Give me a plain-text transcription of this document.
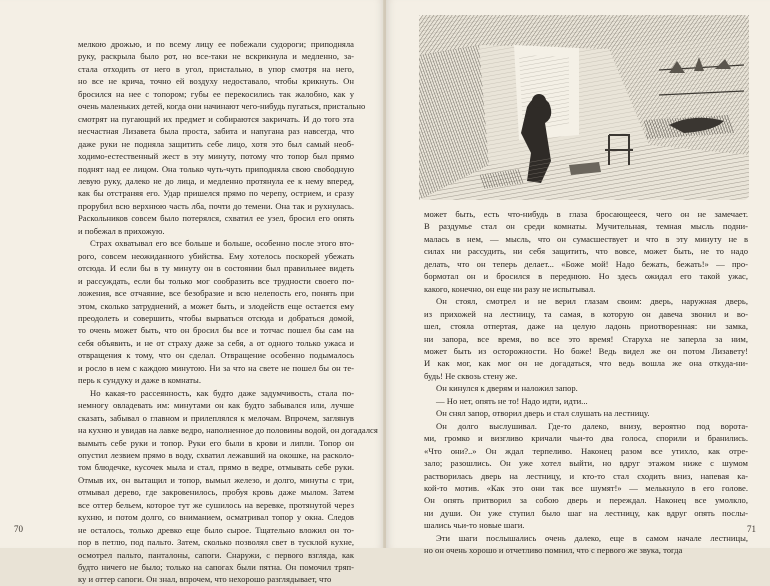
мелкою дрожью, и по всему лицу ее побежали судороги; приподняла
руку, раскрыла было рот, но все-таки не вскрикнула и медленно, за-
стала отходить от него в угол, пристально, в упор смотря на него,
но все не крича, точно ей воздуху недоставало, чтобы крикнуть. Он
бросился на нее с топором; губы ее перекосились так жалобно, как у
очень маленьких детей, когда они начинают чего-нибудь пугаться, пристально
смотрят на пугающий их предмет и собираются закричать. И до того эта
несчастная Лизавета была проста, забита и напугана раз навсегда, что
даже руки не подняла защитить себе лицо, хотя это был самый необ-
ходимо-естественный жест в эту минуту, потому что топор был прямо
поднят над ее лицом. Она только чуть-чуть приподняла свою свободную
левую руку, далеко не до лица, и медленно протянула ее к нему вперед,
как бы отстраняя его. Удар пришелся прямо по черепу, острием, и сразу
прорубил всю верхнюю часть лба, почти до темени. Она так и рухнулась.
Раскольников совсем было потерялся, схватил ее узел, бросил его опять
и побежал в прихожую.
Страх охватывал его все больше и больше, особенно после этого вто-
рого, совсем неожиданного убийства. Ему хотелось поскорей убежать
отсюда. И если бы в ту минуту он в состоянии был правильнее видеть
и рассуждать, если бы только мог сообразить все трудности своего по-
ложения, все отчаяние, все безобразие и всю нелепость его, понять при
этом, сколько затруднений, а может быть, и злодейств еще остается ему
преодолеть и совершить, чтобы вырваться отсюда и добраться домой,
то очень может быть, что он бросил бы все и тотчас пошел бы сам на
себя объявить, и не от страху даже за себя, а от одного только ужаса и
отвращения к тому, что он сделал. Отвращение особенно подымалось
и росло в нем с каждою минутою. Ни за что на свете не пошел бы он те-
перь к сундуку и даже в комнаты.
Но какая-то рассеянность, как будто даже задумчивость, стала по-
немногу овладевать им: минутами он как будто забывался или, лучше
сказать, забывал о главном и прилеплялся к мелочам. Впрочем, заглянув
на кухню и увидав на лавке ведро, наполненное до половины водой, он догадался
вымыть себе руки и топор. Руки его были в крови и липли. Топор он
опустил лезвием прямо в воду, схватил лежавший на окошке, на расколо-
том блюдечке, кусочек мыла и стал, прямо в ведре, отмывать себе руки.
Отмыв их, он вытащил и топор, вымыл железо, и долго, минуты с три,
отмывал дерево, где закровенилось, пробуя кровь даже мылом. Затем
все оттер бельем, которое тут же сушилось на веревке, протянутой через
кухню, и потом долго, со вниманием, осматривал топор у окна. Следов
не осталось, только древко еще было сырое. Тщательно вложил он то-
пор в петлю, под пальто. Затем, сколько позволял свет в тусклой кухне,
осмотрел пальто, панталоны, сапоги. Снаружи, с первого взгляда, как
будто ничего не было; только на сапогах были пятна. Он помочил тряп-
ку и оттер сапоги. Он знал, впрочем, что нехорошо разглядывает, что
70
может быть, есть что-нибудь в глаза бросающееся, чего он не замечает.
В раздумье стал он среди комнаты. Мучительная, темная мысль подни-
малась в нем, — мысль, что он сумасшествует и что в эту минуту не в
силах ни рассудить, ни себя защитить, что вовсе, может быть, не то надо
делать, что он теперь делает... «Боже мой! Надо бежать, бежать!» — про-
бормотал он и бросился в переднюю. Но здесь ожидал его такой ужас,
какого, конечно, он еще ни разу не испытывал.
Он стоял, смотрел и не верил глазам своим: дверь, наружная дверь,
из прихожей на лестницу, та самая, в которую он давеча звонил и во-
шел, стояла отпертая, даже на целую ладонь приотворенная: ни замка,
ни запора, все время, во все это время! Старуха не заперла за ним,
может быть из осторожности. Но боже! Ведь видел же он потом Лизавету!
И как мог, как мог он не догадаться, что ведь вошла же она откуда-ни-
будь! Не сквозь стену же.
Он кинулся к дверям и наложил запор.
— Но нет, опять не то! Надо идти, идти...
Он снял запор, отворил дверь и стал слушать на лестницу.
Он долго выслушивал. Где-то далеко, внизу, вероятно под ворота-
ми, громко и визгливо кричали чьи-то два голоса, спорили и бранились.
«Что они?..» Он ждал терпеливо. Наконец разом все утихло, как отре-
зало; разошлись. Он уже хотел выйти, но вдруг этажом ниже с шумом
растворилась дверь на лестницу, и кто-то стал сходить вниз, напевая ка-
кой-то мотив. «Как это они так все шумят!» — мелькнуло в его голове.
Он опять притворил за собою дверь и переждал. Наконец все умолкло,
ни души. Он уже ступил было шаг на лестницу, как вдруг опять послы-
шались чьи-то новые шаги.
Эти шаги послышались очень далеко, еще в самом начале лестницы,
но он очень хорошо и отчетливо помнил, что с первого же звука, тогда
71
